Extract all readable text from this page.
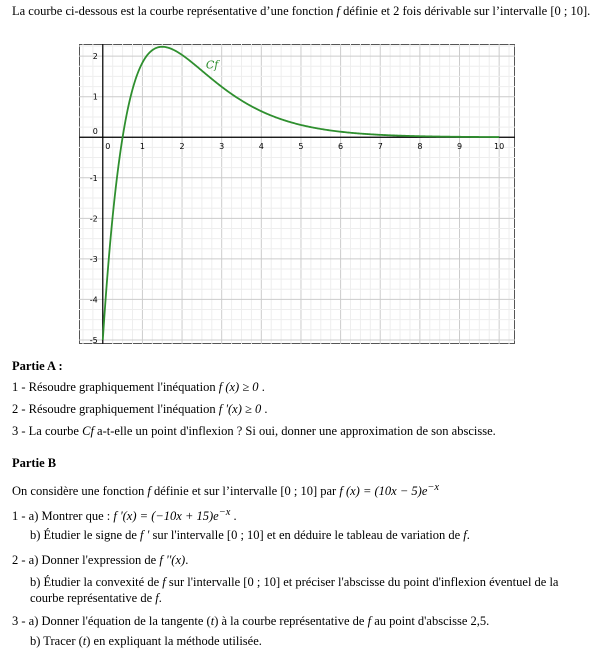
La courbe ci-dessous est la courbe représentative d’une fonction f définie et 2 fois dérivable sur l’intervalle [0 ; 10].
1	2	3	4	5	6	7	8	9	10
0
2
1
0
-1
-2
-3
-4
-5
Cf
Partie A :
1 - Résoudre graphiquement l'inéquation f (x) ≥ 0 .
2 - Résoudre graphiquement l'inéquation f '(x) ≥ 0 .
3 - La courbe Cf a-t-elle un point d'inflexion ? Si oui, donner une approximation de son abscisse.
Partie B
On considère une fonction f définie et sur l’intervalle [0 ; 10] par f $(x) = (10x - 5)e^{-x}$
1 - a) Montrer que : f '$(x) = (-10x + 15)e^{-x}$ .
b) Étudier le signe de f ' sur l'intervalle [0 ; 10] et en déduire le tableau de variation de f.
2 - a) Donner l'expression de f ''(x).
b) Étudier la convexité de f sur l'intervalle [0 ; 10] et préciser l'abscisse du point d'inflexion éventuel de la courbe représentative de f.
3 - a) Donner l'équation de la tangente (t) à la courbe représentative de f au point d'abscisse 2,5.
b) Tracer (t) en expliquant la méthode utilisée.
